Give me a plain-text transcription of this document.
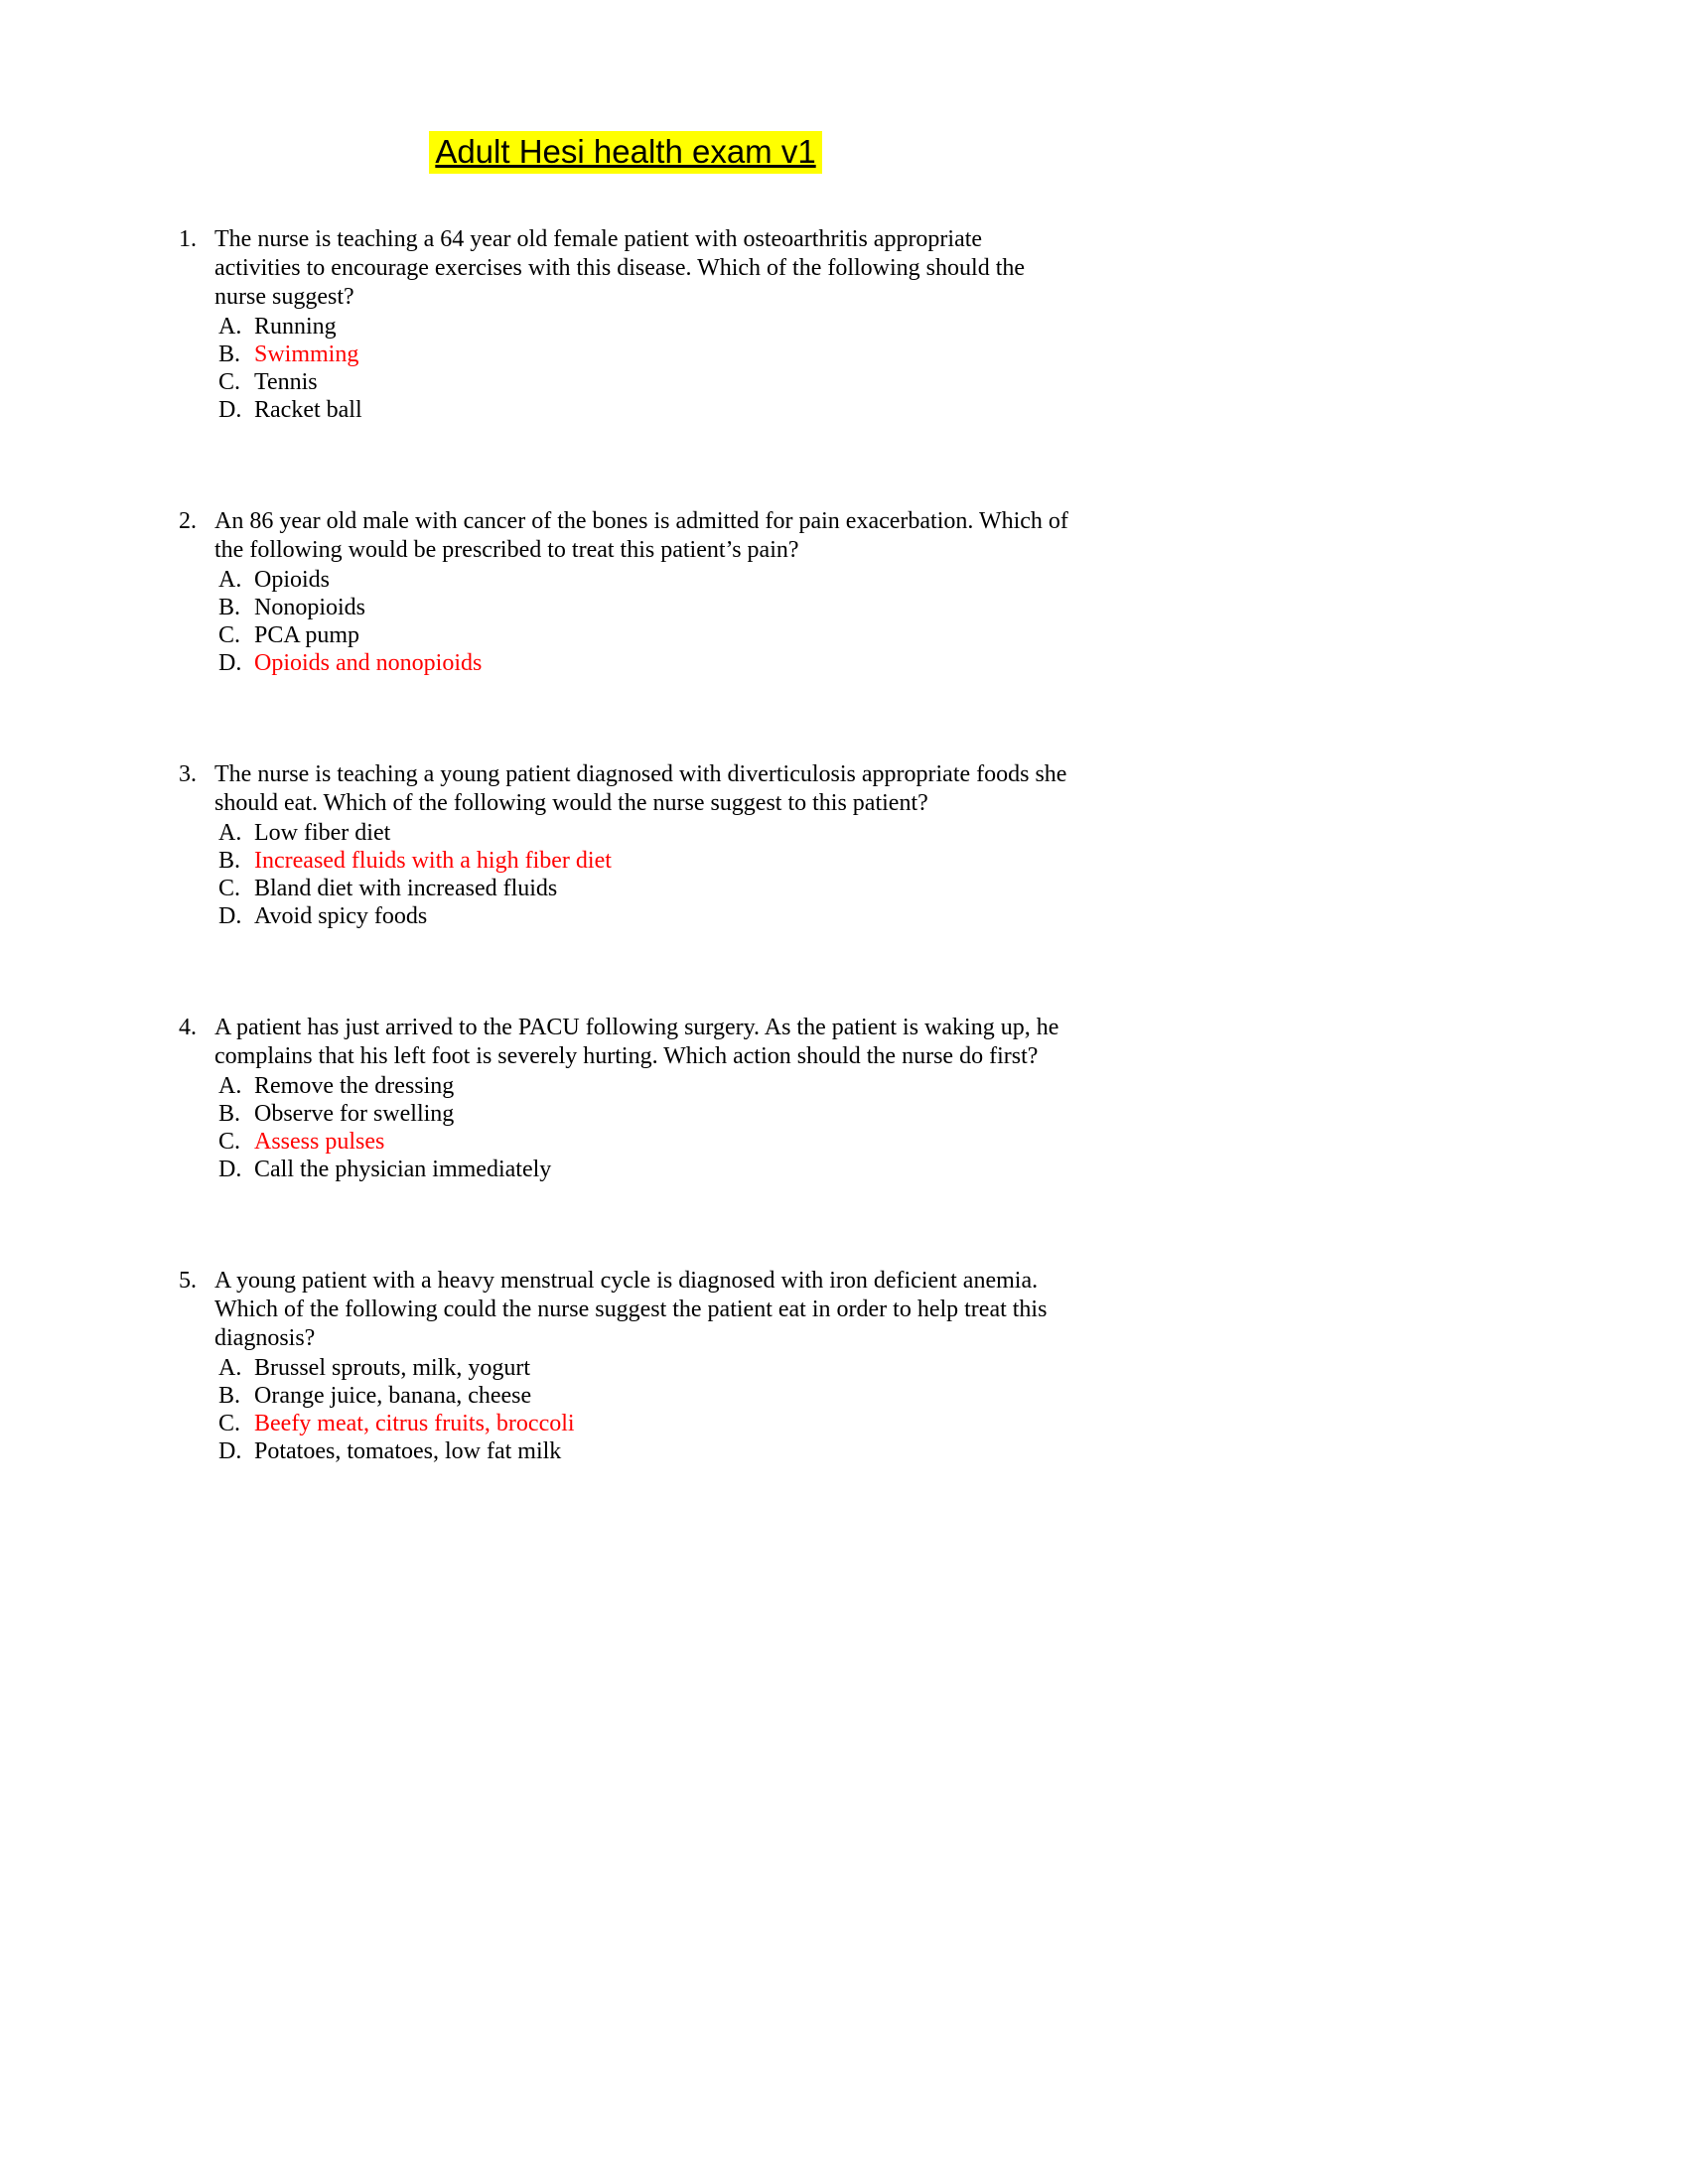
Adult Hesi health exam v1
1. The nurse is teaching a 64 year old female patient with osteoarthritis appropriate activities to encourage exercises with this disease. Which of the following should the nurse suggest?
A. Running
B. Swimming
C. Tennis
D. Racket ball
2. An 86 year old male with cancer of the bones is admitted for pain exacerbation. Which of the following would be prescribed to treat this patient’s pain?
A. Opioids
B. Nonopioids
C. PCA pump
D. Opioids and nonopioids
3. The nurse is teaching a young patient diagnosed with diverticulosis appropriate foods she should eat. Which of the following would the nurse suggest to this patient?
A. Low fiber diet
B. Increased fluids with a high fiber diet
C. Bland diet with increased fluids
D. Avoid spicy foods
4. A patient has just arrived to the PACU following surgery. As the patient is waking up, he complains that his left foot is severely hurting. Which action should the nurse do first?
A. Remove the dressing
B. Observe for swelling
C. Assess pulses
D. Call the physician immediately
5. A young patient with a heavy menstrual cycle is diagnosed with iron deficient anemia. Which of the following could the nurse suggest the patient eat in order to help treat this diagnosis?
A. Brussel sprouts, milk, yogurt
B. Orange juice, banana, cheese
C. Beefy meat, citrus fruits, broccoli
D. Potatoes, tomatoes, low fat milk
